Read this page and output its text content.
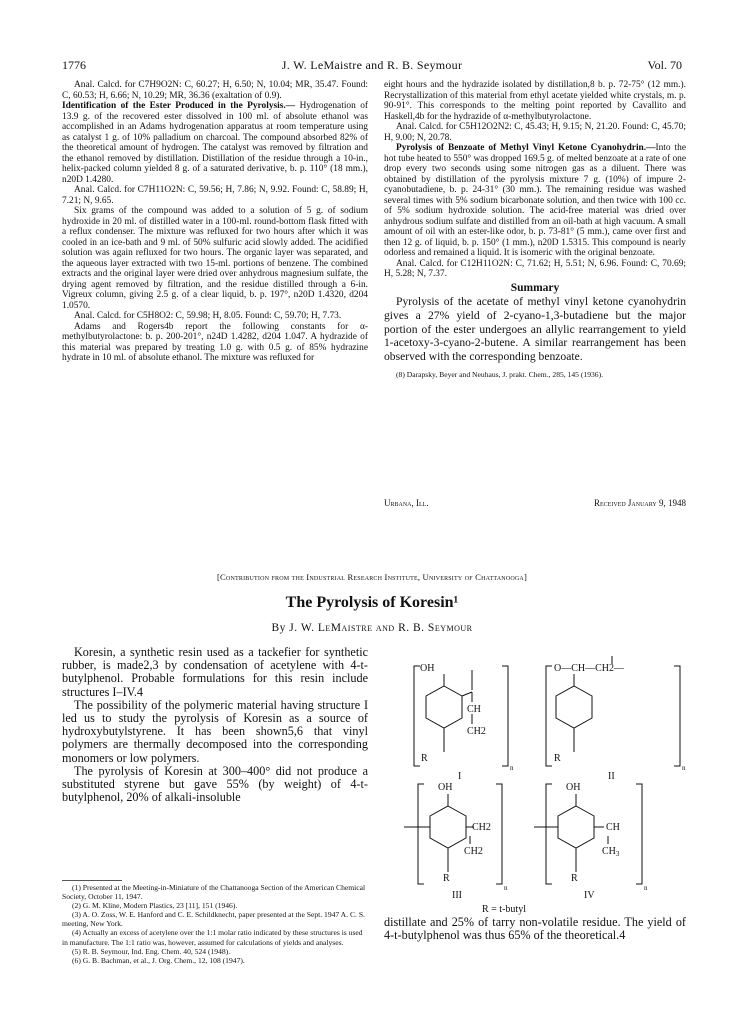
1776	J. W. LeMaistre and R. B. Seymour	Vol. 70

Anal. Calcd. for C7H9O2N: C, 60.27; H, 6.50; N, 10.04; MR, 35.47. Found: C, 60.53; H, 6.66; N, 10.29; MR, 36.36 (exaltation of 0.9).

Identification of the Ester Produced in the Pyrolysis.— Hydrogenation of 13.9 g. of the recovered ester dissolved in 100 ml. of absolute ethanol was accomplished in an Adams hydrogenation apparatus at room temperature using as catalyst 1 g. of 10% palladium on charcoal. The compound absorbed 82% of the theoretical amount of hydrogen. The catalyst was removed by filtration and the ethanol removed by distillation. Distillation of the residue through a 10-in., helix-packed column yielded 8 g. of a saturated derivative, b. p. 110° (18 mm.), n20D 1.4280.

Anal. Calcd. for C7H11O2N: C, 59.56; H, 7.86; N, 9.92. Found: C, 58.89; H, 7.21; N, 9.65.

Six grams of the compound was added to a solution of 5 g. of sodium hydroxide in 20 ml. of distilled water in a 100-ml. round-bottom flask fitted with a reflux condenser. The mixture was refluxed for two hours after which it was cooled in an ice-bath and 9 ml. of 50% sulfuric acid slowly added. The acidified solution was again refluxed for two hours. The organic layer was separated, and the aqueous layer extracted with two 15-ml. portions of benzene. The combined extracts and the original layer were dried over anhydrous magnesium sulfate, the drying agent removed by filtration, and the residue distilled through a 6-in. Vigreux column, giving 2.5 g. of a clear liquid, b. p. 197°, n20D 1.4320, d204 1.0570.

Anal. Calcd. for C5H8O2: C, 59.98; H, 8.05. Found: C, 59.70; H, 7.73.

Adams and Rogers4b report the following constants for α-methylbutyrolactone: b. p. 200-201°, n24D 1.4282, d204 1.047. A hydrazide of this material was prepared by treating 1.0 g. with 0.5 g. of 85% hydrazine hydrate in 10 ml. of absolute ethanol. The mixture was refluxed for

eight hours and the hydrazide isolated by distillation,8 b. p. 72-75° (12 mm.). Recrystallization of this material from ethyl acetate yielded white crystals, m. p. 90-91°. This corresponds to the melting point reported by Cavallito and Haskell,4b for the hydrazide of α-methylbutyrolactone.

Anal. Calcd. for C5H12O2N2: C, 45.43; H, 9.15; N, 21.20. Found: C, 45.70; H, 9.00; N, 20.78.

Pyrolysis of Benzoate of Methyl Vinyl Ketone Cyanohydrin.—Into the hot tube heated to 550° was dropped 169.5 g. of melted benzoate at a rate of one drop every two seconds using some nitrogen gas as a diluent. There was obtained by distillation of the pyrolysis mixture 7 g. (10%) of impure 2-cyanobutadiene, b. p. 24-31° (30 mm.). The remaining residue was washed several times with 5% sodium bicarbonate solution, and then twice with 100 cc. of 5% sodium hydroxide solution. The acid-free material was dried over anhydrous sodium sulfate and distilled from an oil-bath at high vacuum. A small amount of oil with an ester-like odor, b. p. 73-81° (5 mm.), came over first and then 12 g. of liquid, b. p. 150° (1 mm.), n20D 1.5315. This compound is nearly odorless and remained a liquid. It is isomeric with the original benzoate.

Anal. Calcd. for C12H11O2N: C, 71.62; H, 5.51; N, 6.96. Found: C, 70.69; H, 5.28; N, 7.37.

Summary

Pyrolysis of the acetate of methyl vinyl ketone cyanohydrin gives a 27% yield of 2-cyano-1,3-butadiene but the major portion of the ester undergoes an allylic rearrangement to yield 1-acetoxy-3-cyano-2-butene. A similar rearrangement has been observed with the corresponding benzoate.

(8) Darapsky, Beyer and Neuhaus, J. prakt. Chem., 285, 145 (1936).
Urbana, Ill.	Received January 9, 1948
[Contribution from the Industrial Research Institute, University of Chattanooga]
The Pyrolysis of Koresin¹
By J. W. LeMaistre and R. B. Seymour

Koresin, a synthetic resin used as a tackefier for synthetic rubber, is made2,3 by condensation of acetylene with 4-t-butylphenol. Probable formulations for this resin include structures I–IV.4

The possibility of the polymeric material having structure I led us to study the pyrolysis of Koresin as a source of hydroxybutylstyrene. It has been shown5,6 that vinyl polymers are thermally decomposed into the corresponding monomers or low polymers.

The pyrolysis of Koresin at 300–400° did not produce a substituted styrene but gave 55% (by weight) of 4-t-butylphenol, 20% of alkali-insoluble

(1) Presented at the Meeting-in-Miniature of the Chattanooga Section of the American Chemical Society, October 11, 1947.

(2) G. M. Kline, Modern Plastics, 23 [11], 151 (1946).

(3) A. O. Zoss, W. E. Hanford and C. E. Schildknecht, paper presented at the Sept. 1947 A. C. S. meeting, New York.

(4) Actually an excess of acetylene over the 1:1 molar ratio indicated by these structures is used in manufacture. The 1:1 ratio was, however, assumed for calculations of yields and analyses.

(5) R. B. Seymour, Ind. Eng. Chem. 40, 524 (1948).

(6) G. B. Bachman, et al., J. Org. Chem., 12, 108 (1947).

OH
CH
CH2
R
n
I
O—CH—CH2—
R
n
II
OH
CH2
CH2
R
n
III
OH
CH
$CH_3$
R
n
IV
R = t-butyl

distillate and 25% of tarry non-volatile residue. The yield of 4-t-butylphenol was thus 65% of the theoretical.4
